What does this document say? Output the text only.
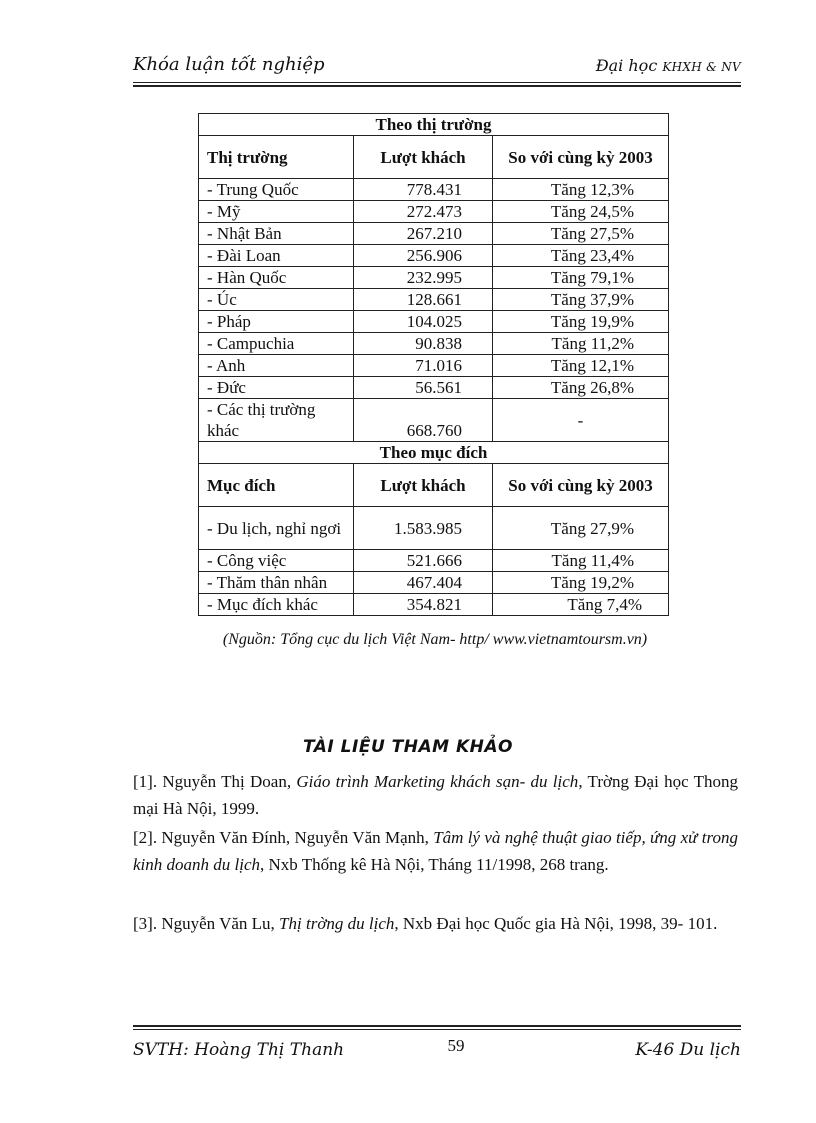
Khóa luận tốt nghiệp	Đại học KHXH & NV
Theo thị trường		
Thị trường	Lượt khách	So với cùng kỳ 2003
- Trung Quốc	778.431	Tăng 12,3%
- Mỹ	272.473	Tăng 24,5%
- Nhật Bản	267.210	Tăng 27,5%
- Đài Loan	256.906	Tăng 23,4%
- Hàn Quốc	232.995	Tăng 79,1%
- Úc	128.661	Tăng 37,9%
- Pháp	104.025	Tăng 19,9%
- Campuchia	90.838	Tăng 11,2%
- Anh	71.016	Tăng 12,1%
- Đức	56.561	Tăng 26,8%
- Các thị trường khác	668.760	-
Theo mục đích		
Mục đích	Lượt khách	So với cùng kỳ 2003
- Du lịch, nghỉ ngơi	1.583.985	Tăng 27,9%
- Công việc	521.666	Tăng 11,4%
- Thăm thân nhân	467.404	Tăng 19,2%
- Mục đích khác	354.821	Tăng 7,4%
(Nguồn: Tổng cục du lịch Việt Nam- http/ www.vietnamtoursm.vn)
TÀI LIỆU THAM KHẢO
[1]. Nguyễn Thị Doan, Giáo trình Marketing khách sạn- du lịch, Trờng Đại học Thong mại Hà Nội, 1999.
[2]. Nguyễn Văn Đính, Nguyễn Văn Mạnh, Tâm lý và nghệ thuật giao tiếp, ứng xử trong kinh doanh du lịch, Nxb Thống kê Hà Nội, Tháng 11/1998, 268 trang.
[3]. Nguyễn Văn Lu, Thị trờng du lịch, Nxb Đại học Quốc gia Hà Nội, 1998, 39- 101.
SVTH: Hoàng Thị Thanh	59	K-46 Du lịch
